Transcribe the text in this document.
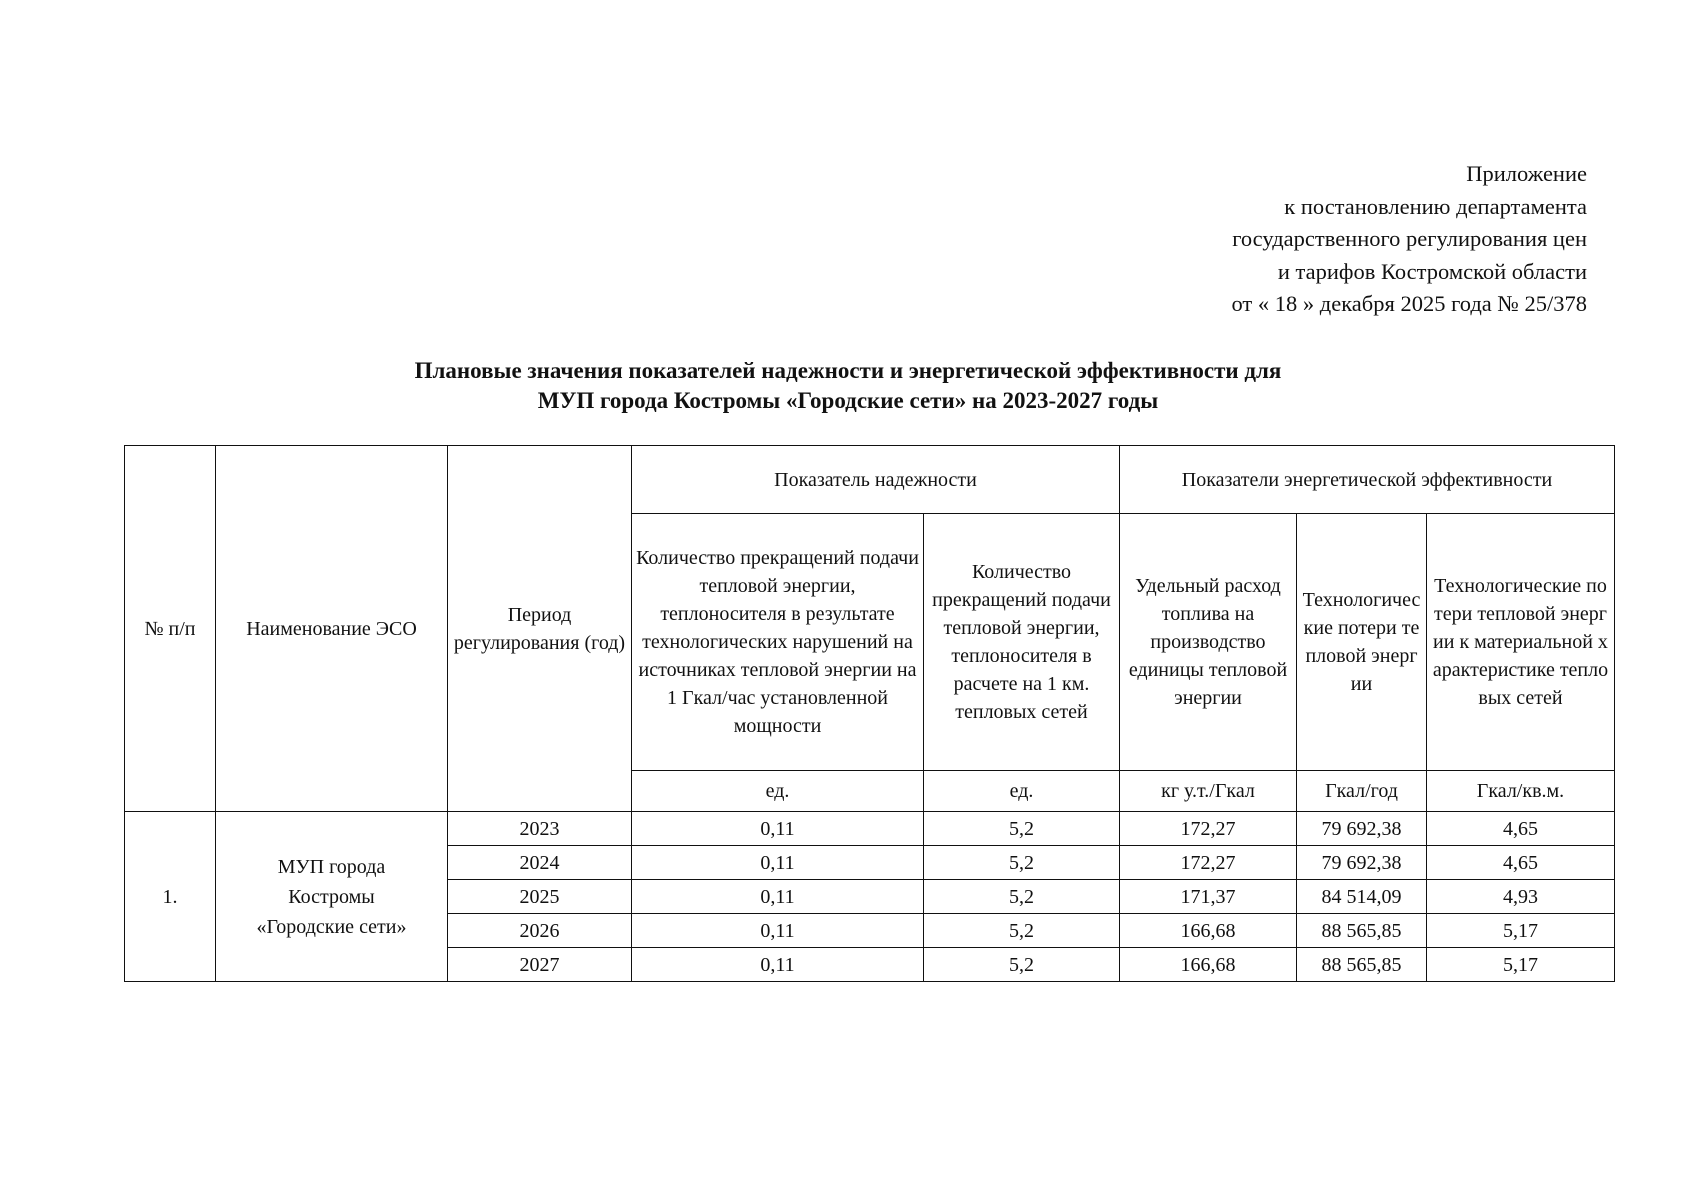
Приложение
к постановлению департамента
государственного регулирования цен
и тарифов Костромской области
от « 18 » декабря 2025 года № 25/378
Плановые значения показателей надежности и энергетической эффективности для
МУП города Костромы «Городские сети» на 2023-2027 годы
№ п/п	Наименование ЭСО	Период регулирования (год)	Показатель надежности		Показатели энергетической эффективности		
			Количество прекращений подачи тепловой энергии, теплоносителя в результате технологических нарушений на источниках тепловой энергии на 1 Гкал/час установленной мощности	Количество прекращений подачи тепловой энергии, теплоносителя в расчете на 1 км. тепловых сетей	Удельный расход топлива на производство единицы тепловой энергии	Технологические потери тепловой энергии	Технологические потери тепловой энергии к материальной характеристике тепловых сетей
			ед.	ед.	кг у.т./Гкал	Гкал/год	Гкал/кв.м.
1.	МУП города Костромы «Городские сети»	2023	0,11	5,2	172,27	79 692,38	4,65
		2024	0,11	5,2	172,27	79 692,38	4,65
		2025	0,11	5,2	171,37	84 514,09	4,93
		2026	0,11	5,2	166,68	88 565,85	5,17
		2027	0,11	5,2	166,68	88 565,85	5,17
